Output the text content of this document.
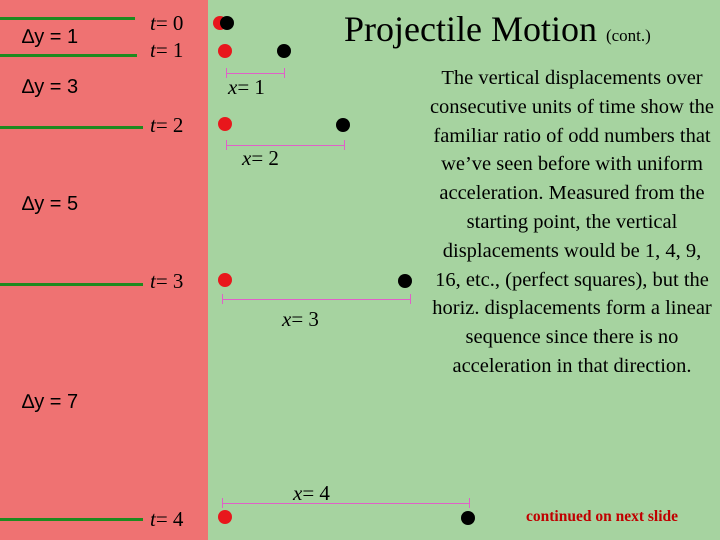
∆y = 1
∆y = 3
∆y = 5
∆y = 7
t= 0
t= 1
t= 2
t= 3
t= 4
x= 1
x= 2
x= 3
x= 4
Projectile Motion (cont.)
The vertical displacements over consecutive units of time show the familiar ratio of odd numbers that we’ve seen before with uniform acceleration. Measured from the starting point, the vertical displacements would be 1, 4, 9, 16, etc., (perfect squares), but the horiz. displacements form a linear sequence since there is no acceleration in that direction.
continued on next slide
